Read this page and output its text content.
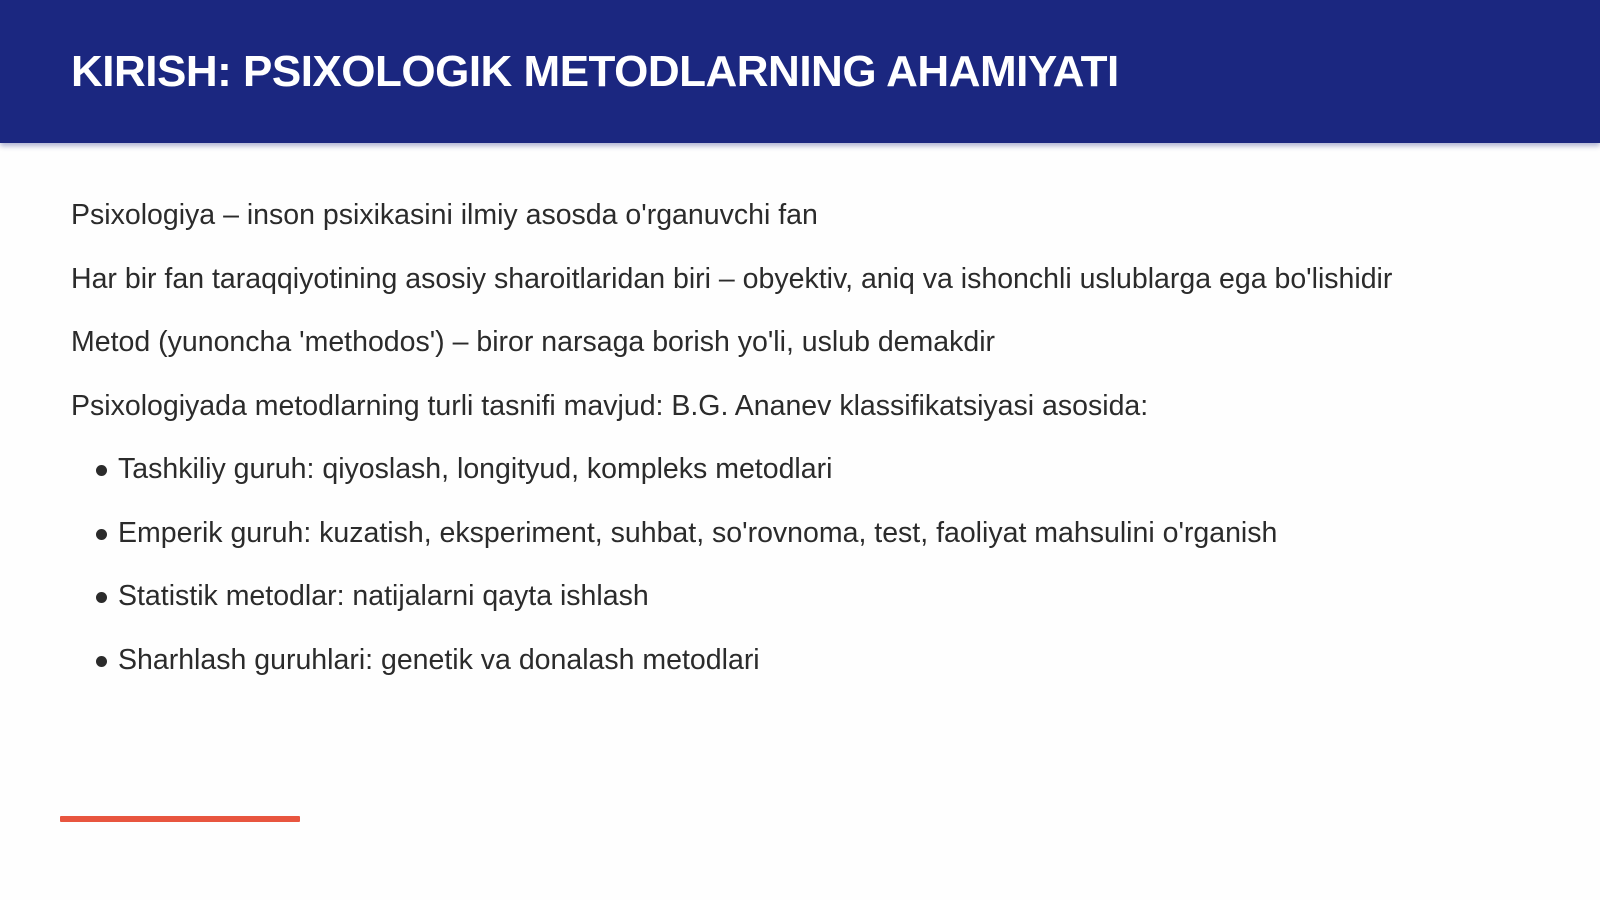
KIRISH: PSIXOLOGIK METODLARNING AHAMIYATI

Psixologiya – inson psixikasini ilmiy asosda o'rganuvchi fan

Har bir fan taraqqiyotining asosiy sharoitlaridan biri – obyektiv, aniq va ishonchli uslublarga ega bo'lishidir

Metod (yunoncha 'methodos') – biror narsaga borish yo'li, uslub demakdir

Psixologiyada metodlarning turli tasnifi mavjud: B.G. Ananev klassifikatsiyasi asosida:

Tashkiliy guruh: qiyoslash, longityud, kompleks metodlari
Emperik guruh: kuzatish, eksperiment, suhbat, so'rovnoma, test, faoliyat mahsulini o'rganish
Statistik metodlar: natijalarni qayta ishlash
Sharhlash guruhlari: genetik va donalash metodlari
